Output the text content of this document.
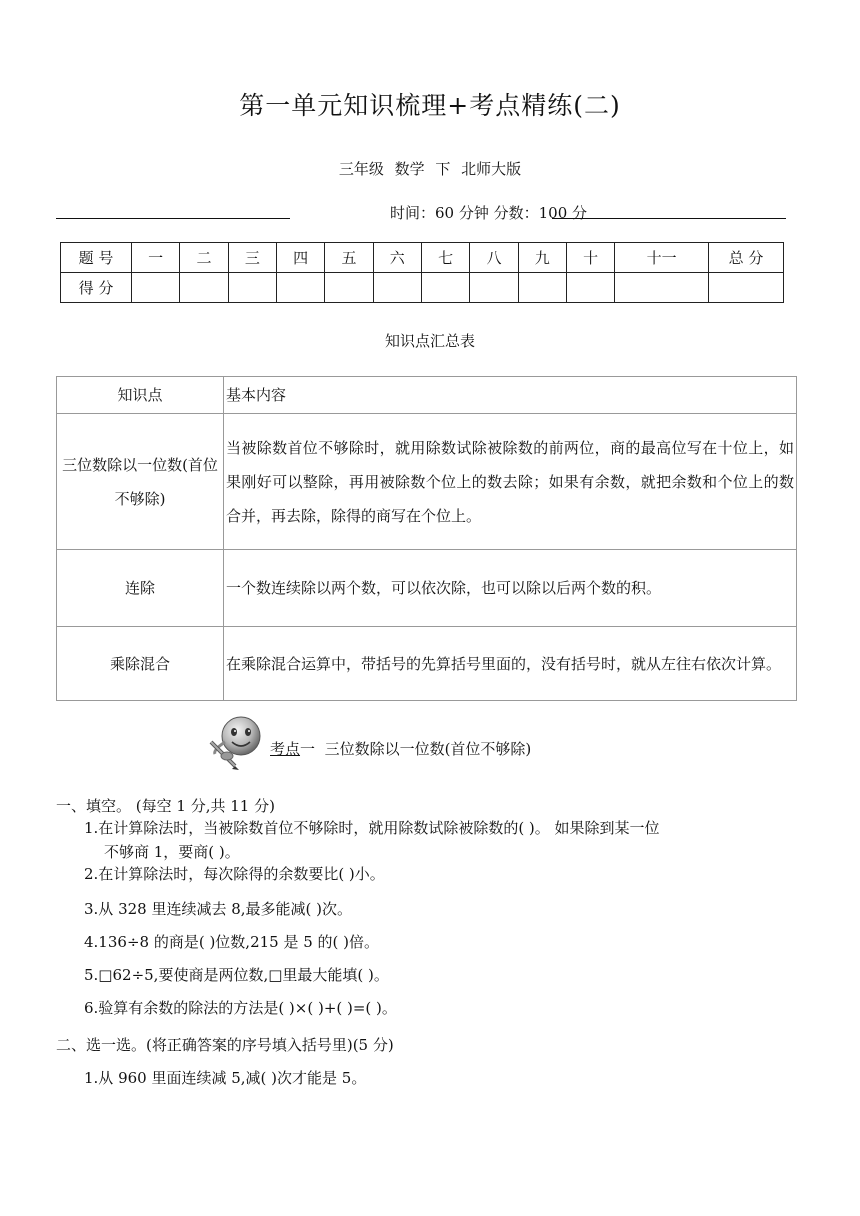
第一单元知识梳理+考点精练(二)
三年级 数学 下 北师大版
时间：60 分钟 分数：100 分
题 号	一	二	三	四	五	六	七	八	九	十	十一	总 分
得 分												
知识点汇总表
知识点	基本内容
三位数除以一位数(首位不够除)	当被除数首位不够除时，就用除数试除被除数的前两位，商的最高位写在十位上，如果刚好可以整除，再用被除数个位上的数去除；如果有余数，就把余数和个位上的数合并，再去除，除得的商写在个位上。
连除	一个数连续除以两个数，可以依次除，也可以除以后两个数的积。
乘除混合	在乘除混合运算中，带括号的先算括号里面的，没有括号时，就从左往右依次计算。
考点一 三位数除以一位数(首位不够除)
一、填空。 (每空 1 分,共 11 分)
1.在计算除法时，当被除数首位不够除时，就用除数试除被除数的( )。 如果除到某一位
不够商 1，要商( )。
2.在计算除法时，每次除得的余数要比( )小。
3.从 328 里连续减去 8,最多能减( )次。
4.136÷8 的商是( )位数,215 是 5 的( )倍。
5.□62÷5,要使商是两位数,□里最大能填( )。
6.验算有余数的除法的方法是( )×( )+( )=( )。
二、选一选。(将正确答案的序号填入括号里)(5 分)
1.从 960 里面连续减 5,减( )次才能是 5。
